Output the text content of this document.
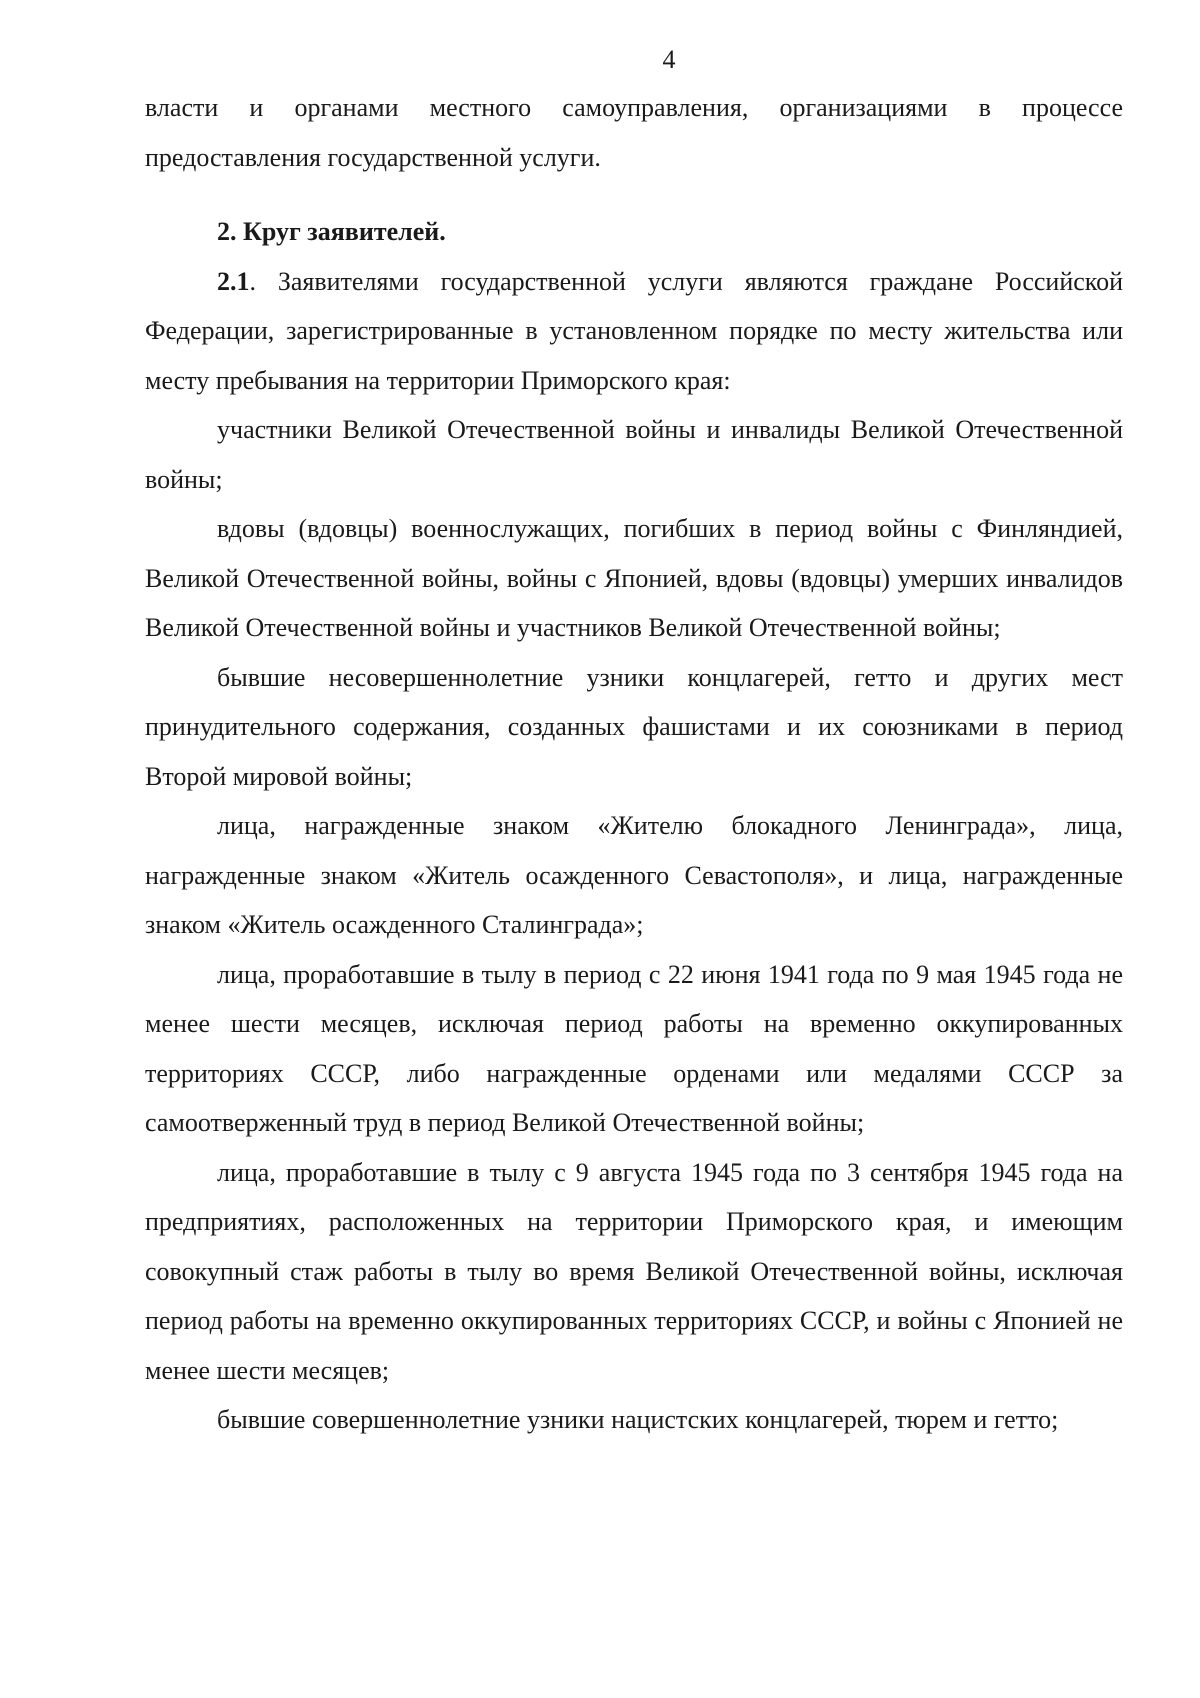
4

власти и органами местного самоуправления, организациями в процессе предоставления государственной услуги.

2. Круг заявителей.

2.1. Заявителями государственной услуги являются граждане Российской Федерации, зарегистрированные в установленном порядке по месту жительства или месту пребывания на территории Приморского края:

участники Великой Отечественной войны и инвалиды Великой Отечественной войны;

вдовы (вдовцы) военнослужащих, погибших в период войны с Финляндией, Великой Отечественной войны, войны с Японией, вдовы (вдовцы) умерших инвалидов Великой Отечественной войны и участников Великой Отечественной войны;

бывшие несовершеннолетние узники концлагерей, гетто и других мест принудительного содержания, созданных фашистами и их союзниками в период Второй мировой войны;

лица, награжденные знаком «Жителю блокадного Ленинграда», лица, награжденные знаком «Житель осажденного Севастополя», и лица, награжденные знаком «Житель осажденного Сталинграда»;

лица, проработавшие в тылу в период с 22 июня 1941 года по 9 мая 1945 года не менее шести месяцев, исключая период работы на временно оккупированных территориях СССР, либо награжденные орденами или медалями СССР за самоотверженный труд в период Великой Отечественной войны;

лица, проработавшие в тылу с 9 августа 1945 года по 3 сентября 1945 года на предприятиях, расположенных на территории Приморского края, и имеющим совокупный стаж работы в тылу во время Великой Отечественной войны, исключая период работы на временно оккупированных территориях СССР, и войны с Японией не менее шести месяцев;

бывшие совершеннолетние узники нацистских концлагерей, тюрем и гетто;
